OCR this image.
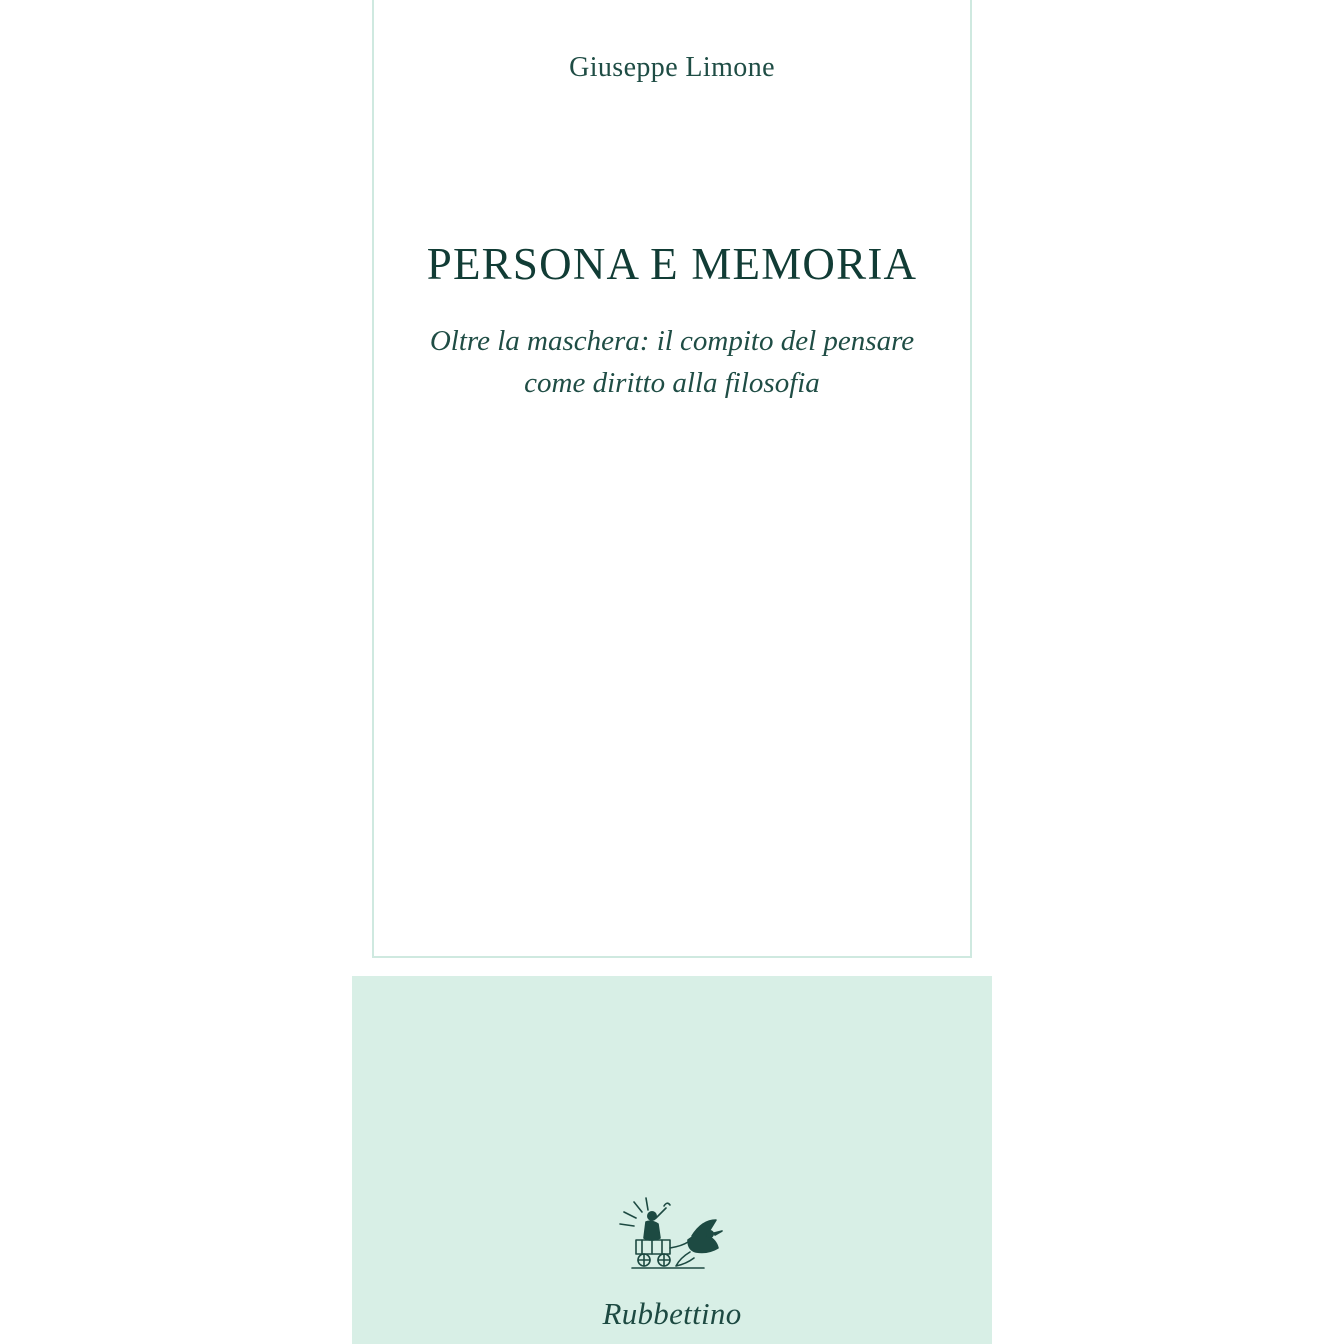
Giuseppe Limone
PERSONA E MEMORIA
Oltre la maschera: il compito del pensare
come diritto alla filosofia
Rubbettino
